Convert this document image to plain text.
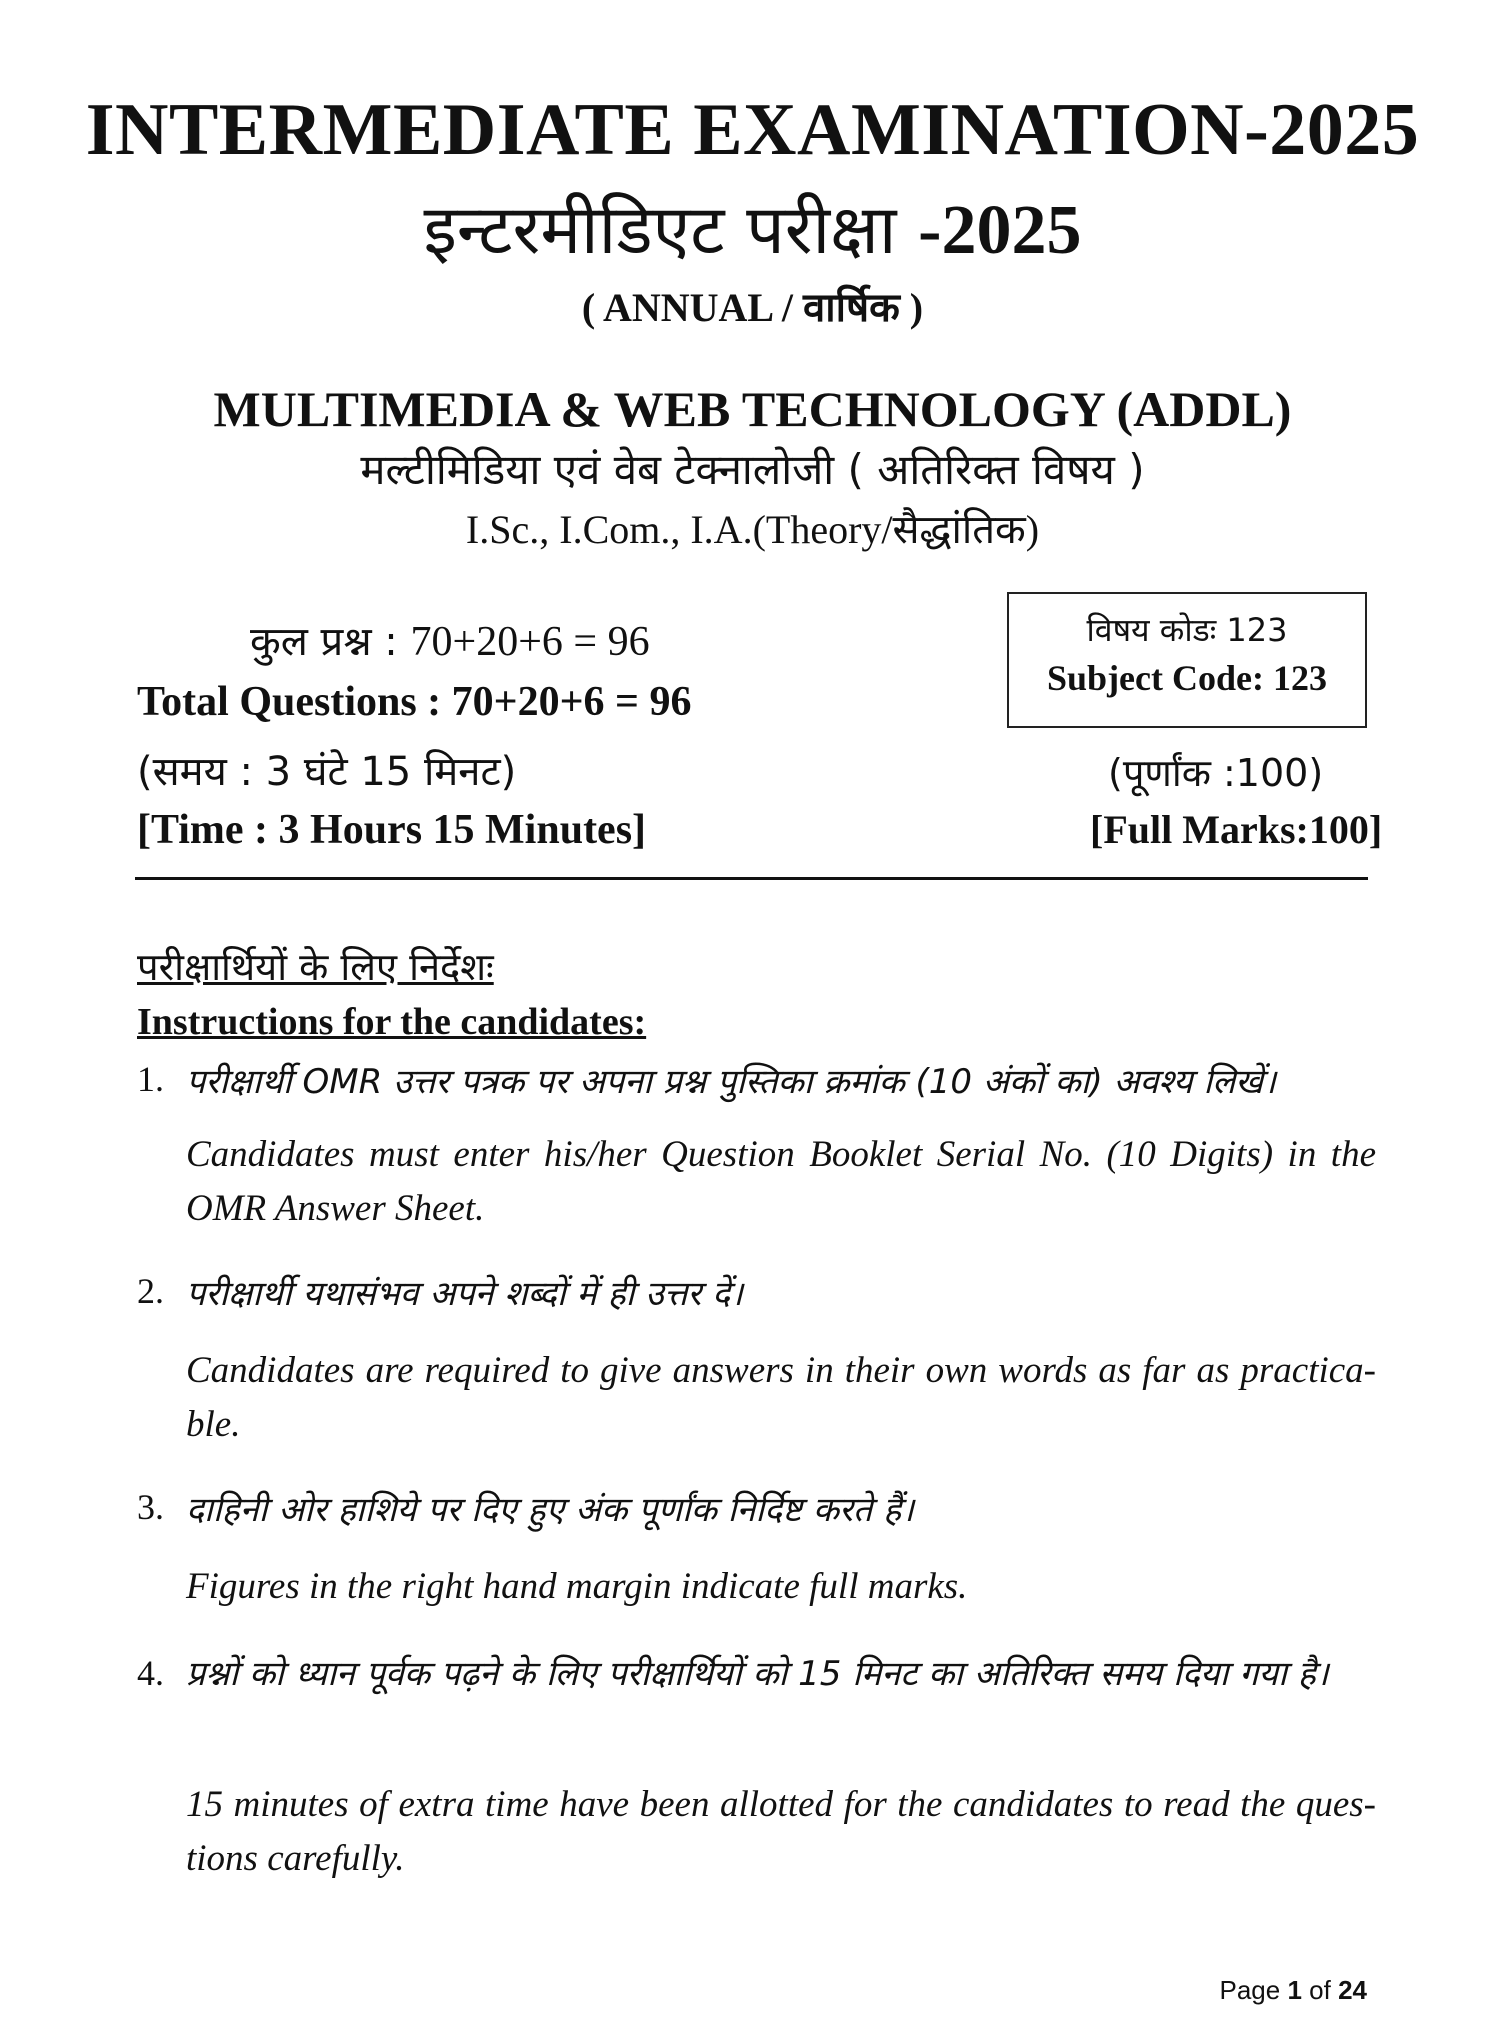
INTERMEDIATE EXAMINATION-2025
इन्टरमीडिएट परीक्षा -2025
( ANNUAL / वार्षिक )
MULTIMEDIA & WEB TECHNOLOGY (ADDL)
मल्टीमिडिया एवं वेब टेक्नालोजी ( अतिरिक्त विषय )
I.Sc., I.Com., I.A.(Theory/सैद्धांतिक)
कुल प्रश्न : 70+20+6 = 96
Total Questions : 70+20+6 = 96
(समय : 3 घंटे 15 मिनट)
[Time : 3 Hours 15 Minutes]
विषय कोडः 123
Subject Code: 123
(पूर्णांक :100)
[Full Marks:100]
परीक्षार्थियों के लिए निर्देशः
Instructions for the candidates:
1. परीक्षार्थी OMR उत्तर पत्रक पर अपना प्रश्न पुस्तिका क्रमांक (10 अंकों का) अवश्य लिखें।
Candidates must enter his/her Question Booklet Serial No. (10 Digits) in the OMR Answer Sheet.
2. परीक्षार्थी यथासंभव अपने शब्दों में ही उत्तर दें।
Candidates are required to give answers in their own words as far as practica-ble.
3. दाहिनी ओर हाशिये पर दिए हुए अंक पूर्णांक निर्दिष्ट करते हैं।
Figures in the right hand margin indicate full marks.
4. प्रश्नों को ध्यान पूर्वक पढ़ने के लिए परीक्षार्थियों को 15 मिनट का अतिरिक्त समय दिया गया है।
15 minutes of extra time have been allotted for the candidates to read the ques-tions carefully.
Page 1 of 24
